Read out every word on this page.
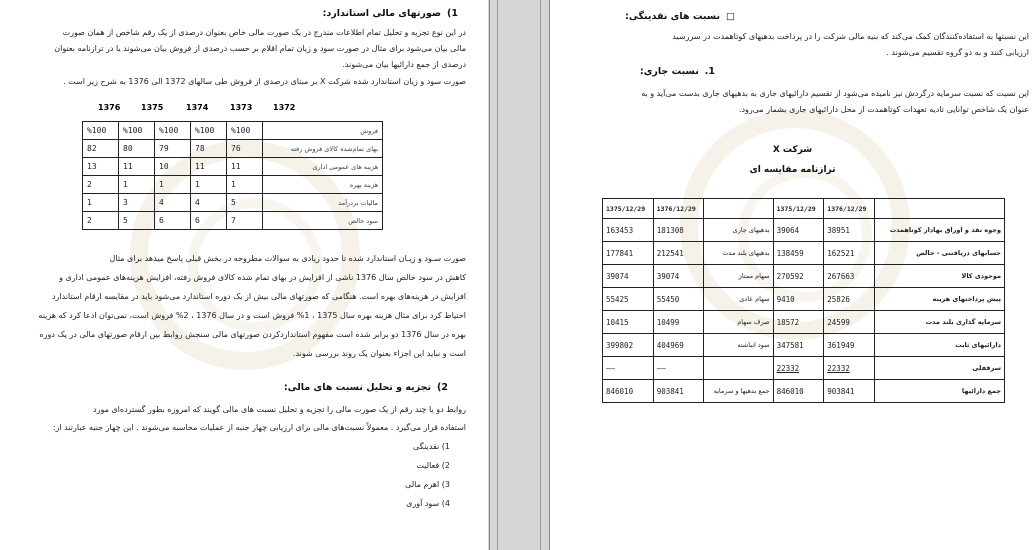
1)صورتهای مالی استاندارد:
در این نوع تجزیه و تحلیل تمام اطلاعات مندرج در یک صورت مالی خاص بعنوان درصدی از یک رقم شاخص از همان صورت
مالی بیان می‌شود برای مثال در صورت سود و زیان تمام اقلام بر حسب درصدی از فروش بیان می‌شوند یا در ترازنامه بعنوان
درصدی از جمع دارائیها بیان می‌شوند.
صورت سود و زیان استاندارد شده شرکت X بر مبنای درصدی از فروش طی سالهای 1372 الی 1376 به شرح زیر است .
1376	1375	1374	1373	1372
%100	%100	%100	%100	%100	فروش
82	80	79	78	76	بهای تمام‌شده کالای فروش رفته
13	11	10	11	11	هزینه های عمومی اداری
2	1	1	1	1	هزینه بهره
1	3	4	4	5	مالیات بردرآمد
2	5	6	6	7	سود خالص
صورت سـود و زیـان استاندارد شده تا حدود زیادی به سوالات مطروحه در بخش قبلی پاسخ میدهد برای مثال
کاهش در سود خالص سال 1376 ناشی از افزایش در بهای تمام شده کالای فروش رفته، افزایش هزینه‌های عمومی اداری و
افزایش در هزینه‌های بهره است. هنگامی که صورتهای مالی بیش از یک دوره استاندارد می‌شود باید در مقایسه ارقام استاندارد
احتیاط کرد برای مثال هزینه بهره سال 1375 ، 1% فروش است و در سال 1376 ، 2% فروش است، نمی‌توان ادعا کرد که هزینه
بهره در سال 1376 دو برابر شده است مفهوم استانداردکردن صورتهای مالی سنجش روابط بین ارقام صورتهای مالی در یک دوره
است و نباید این اجزاء بعنوان یک روند بررسی شوند.
2)تجزیه و تحلیل نسبت های مالی:
روابط دو یا چند رقم از یک صورت مالی را تجزیه و تحلیل نسبت های مالی گویند که امروزه بطور گسترده‌ای مورد
استفاده قرار می‌گیرد . معمولاً نسبت‌های مالی برای ارزیابی چهار جنبه از عملیات محاسبه می‌شوند . این چهار جنبه عبارتند از:
1) نقدینگی
2) فعالیت
3) اهرم مالی
4) سود آوری
□نسبت های نقدینگی:
این نسبتها به استفاده‌کنندگان کمک می‌کند که بنیه مالی شرکت را در پرداخت بدهیهای کوتاهمدت در سررسید
ارزیابی کنند و به دو گروه تقسیم می‌شوند .
1.نسبت جاری:
این نسبت که نسبت سرمایه درگردش نیز نامیده می‌شود از تقسیم دارائیهای جاری به بدهیهای جاری بدست می‌آید و به
عنوان یک شاخص توانایی تادیه تعهدات کوتاهمدت از محل دارائیهای جاری بشمار می‌رود.
شرکت X
ترازنامه مقایسه ای
1375/12/29	1376/12/29		1375/12/29	1376/12/29	
163453	181308	بدهیهای جاری	39064	38951	وجوه نقد و اوراق بهادار کوتاهمدت
177841	212541	بدهیهای بلند مدت	138459	162521	حسابهای دریافتنی - خالص
39074	39074	سهام ممتاز	270592	267663	موجودی کالا
55425	55450	سهام عادی	9410	25826	پیش پرداختهای هزینه
10415	10499	صرف سهام	18572	24599	سرمایه گذاری بلند مدت
399802	404969	سود انباشته	347581	361949	دارائیهای ثابت
——	——		22332	22332	سرقفلی
846010	903841	جمع بدهیها و سرمایه	846010	903841	جمع دارائیها
